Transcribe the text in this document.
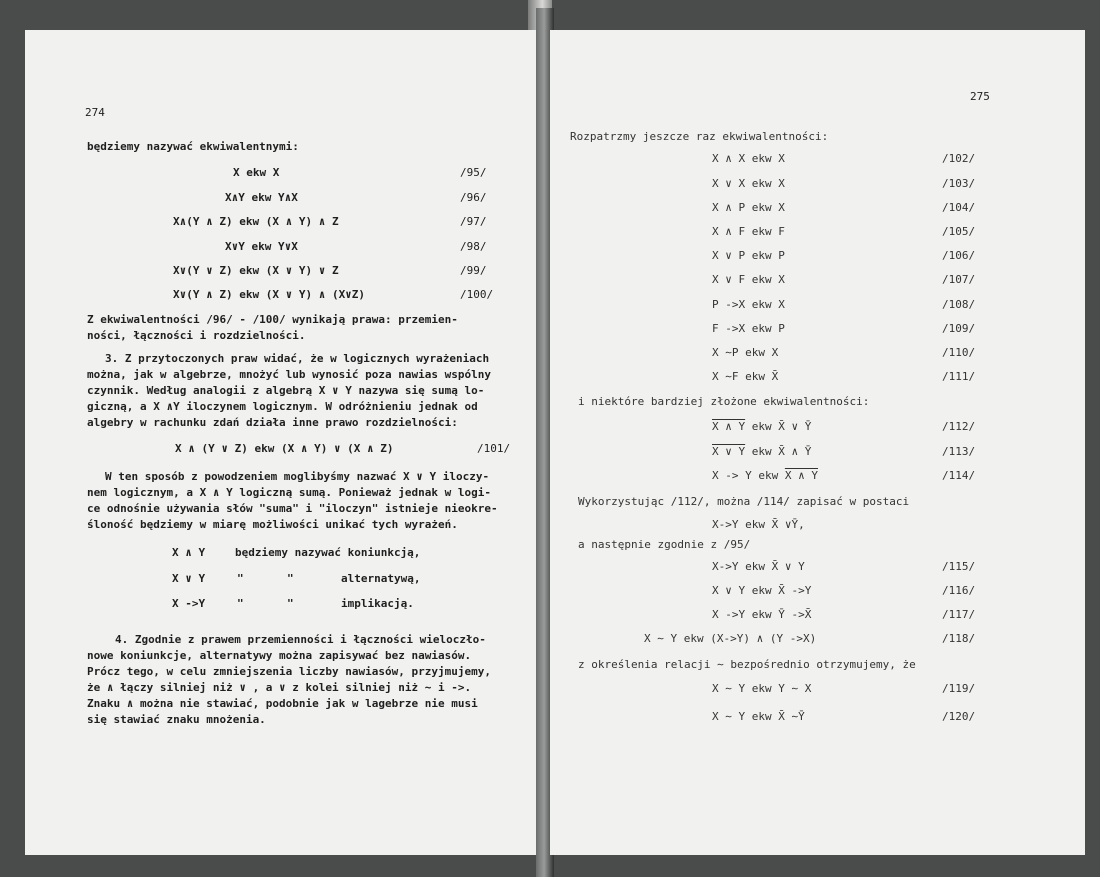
274
będziemy nazywać ekwiwalentnymi:
X ekw X	/95/
X∧Y ekw Y∧X	/96/
X∧(Y ∧ Z) ekw (X ∧ Y) ∧ Z	/97/
X∨Y ekw Y∨X	/98/
X∨(Y ∨ Z) ekw (X ∨ Y) ∨ Z	/99/
X∨(Y ∧ Z) ekw (X ∨ Y) ∧ (X∨Z)	/100/
Z ekwiwalentności /96/ - /100/ wynikają prawa: przemien-
ności, łączności i rozdzielności.
3. Z przytoczonych praw widać, że w logicznych wyrażeniach
można, jak w algebrze, mnożyć lub wynosić poza nawias wspólny
czynnik. Według analogii z algebrą X ∨ Y nazywa się sumą lo-
giczną, a X ∧Y iloczynem logicznym. W odróżnieniu jednak od
algebry w rachunku zdań działa inne prawo rozdzielności:
X ∧ (Y ∨ Z) ekw (X ∧ Y) ∨ (X ∧ Z)	/101/
W ten sposób z powodzeniem moglibyśmy nazwać X ∨ Y iloczy-
nem logicznym, a X ∧ Y logiczną sumą. Ponieważ jednak w logi-
ce odnośnie używania słów "suma" i "iloczyn" istnieje nieokre-
śloność będziemy w miarę możliwości unikać tych wyrażeń.
X ∧ Y	będziemy nazywać koniunkcją,
X ∨ Y	"	"	alternatywą,
X ->Y	"	"	implikacją.
4. Zgodnie z prawem przemienności i łączności wieloczło-
nowe koniunkcje, alternatywy można zapisywać bez nawiasów.
Prócz tego, w celu zmniejszenia liczby nawiasów, przyjmujemy,
że ∧ łączy silniej niż ∨ , a ∨ z kolei silniej niż ∼ i ->.
Znaku ∧ można nie stawiać, podobnie jak w lagebrze nie musi
się stawiać znaku mnożenia.
275
Rozpatrzmy jeszcze raz ekwiwalentności:
X ∧ X ekw X	/102/
X ∨ X ekw X	/103/
X ∧ P ekw X	/104/
X ∧ F ekw F	/105/
X ∨ P ekw P	/106/
X ∨ F ekw X	/107/
P ->X ekw X	/108/
F ->X ekw P	/109/
X ∼P ekw X	/110/
X ∼F ekw X̄	/111/
i niektóre bardziej złożone ekwiwalentności:
X ∧ Y ekw X̄ ∨ Ȳ	/112/
X ∨ Y ekw X̄ ∧ Ȳ	/113/
X -> Y ekw X ∧ Y	/114/
Wykorzystując /112/, można /114/ zapisać w postaci
X->Y ekw X̄ ∨Ȳ,
a następnie zgodnie z /95/
X->Y ekw X̄ ∨ Y	/115/
X ∨ Y ekw X̄ ->Y	/116/
X ->Y ekw Ȳ ->X̄	/117/
X ∼ Y ekw (X->Y) ∧ (Y ->X)	/118/
z określenia relacji ∼ bezpośrednio otrzymujemy, że
X ∼ Y ekw Y ∼ X	/119/
X ∼ Y ekw X̄ ∼Ȳ	/120/
